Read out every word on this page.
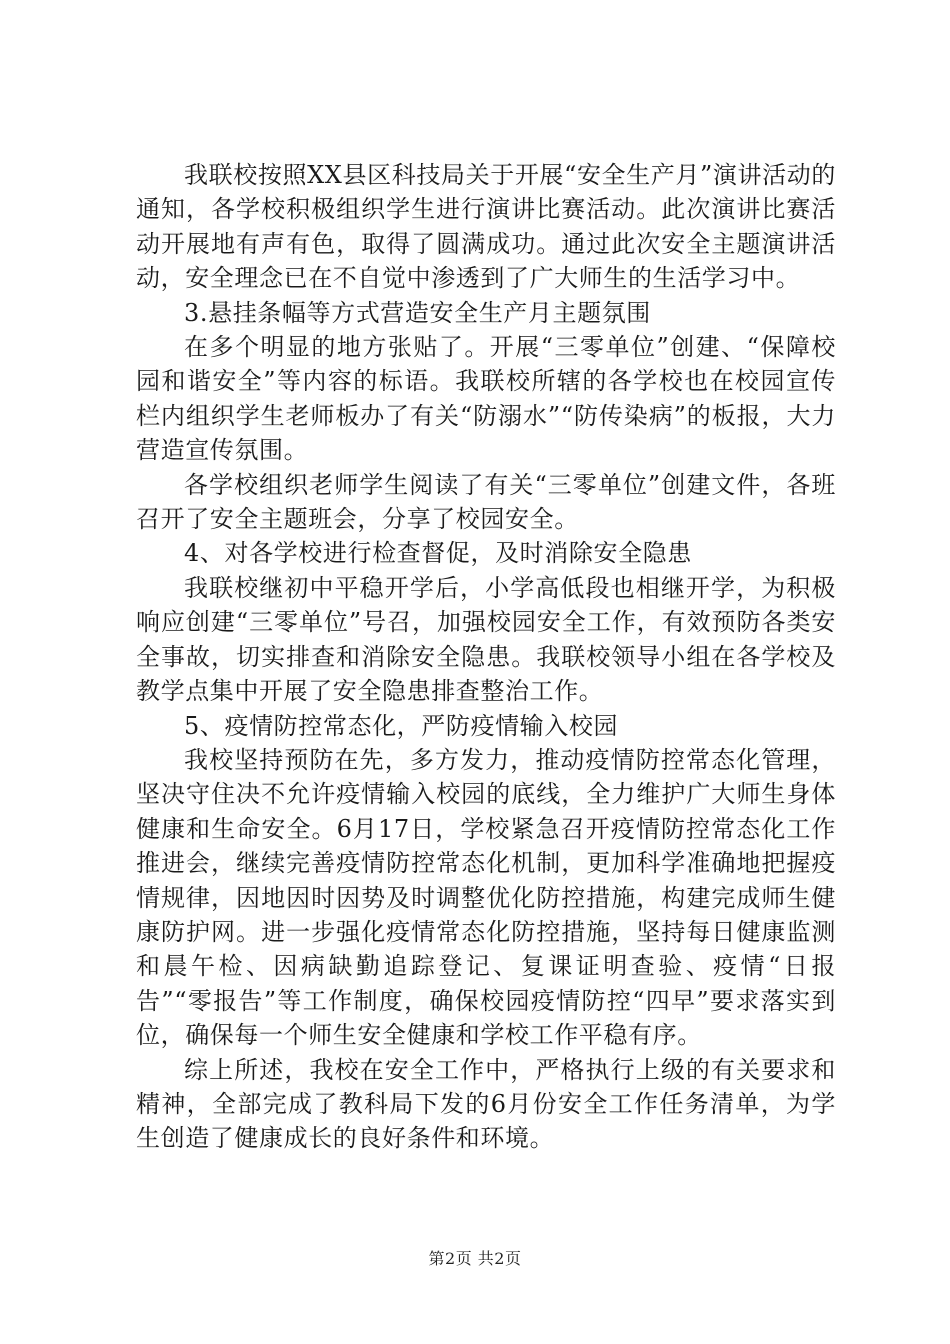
我联校按照XX县区科技局关于开展“安全生产月”演讲活动的通知，各学校积极组织学生进行演讲比赛活动。此次演讲比赛活动开展地有声有色，取得了圆满成功。通过此次安全主题演讲活动，安全理念已在不自觉中渗透到了广大师生的生活学习中。

3.悬挂条幅等方式营造安全生产月主题氛围

在多个明显的地方张贴了。开展“三零单位”创建、“保障校园和谐安全”等内容的标语。我联校所辖的各学校也在校园宣传栏内组织学生老师板办了有关“防溺水”“防传染病”的板报，大力营造宣传氛围。

各学校组织老师学生阅读了有关“三零单位”创建文件，各班召开了安全主题班会，分享了校园安全。

4、对各学校进行检查督促，及时消除安全隐患

我联校继初中平稳开学后，小学高低段也相继开学，为积极响应创建“三零单位”号召，加强校园安全工作，有效预防各类安全事故，切实排查和消除安全隐患。我联校领导小组在各学校及教学点集中开展了安全隐患排查整治工作。

5、疫情防控常态化，严防疫情输入校园

我校坚持预防在先，多方发力，推动疫情防控常态化管理，坚决守住决不允许疫情输入校园的底线，全力维护广大师生身体健康和生命安全。6月17日，学校紧急召开疫情防控常态化工作推进会，继续完善疫情防控常态化机制，更加科学准确地把握疫情规律，因地因时因势及时调整优化防控措施，构建完成师生健康防护网。进一步强化疫情常态化防控措施，坚持每日健康监测和晨午检、因病缺勤追踪登记、复课证明查验、疫情“日报告”“零报告”等工作制度，确保校园疫情防控“四早”要求落实到位，确保每一个师生安全健康和学校工作平稳有序。

综上所述，我校在安全工作中，严格执行上级的有关要求和精神，全部完成了教科局下发的6月份安全工作任务清单，为学生创造了健康成长的良好条件和环境。

第2页 共2页
